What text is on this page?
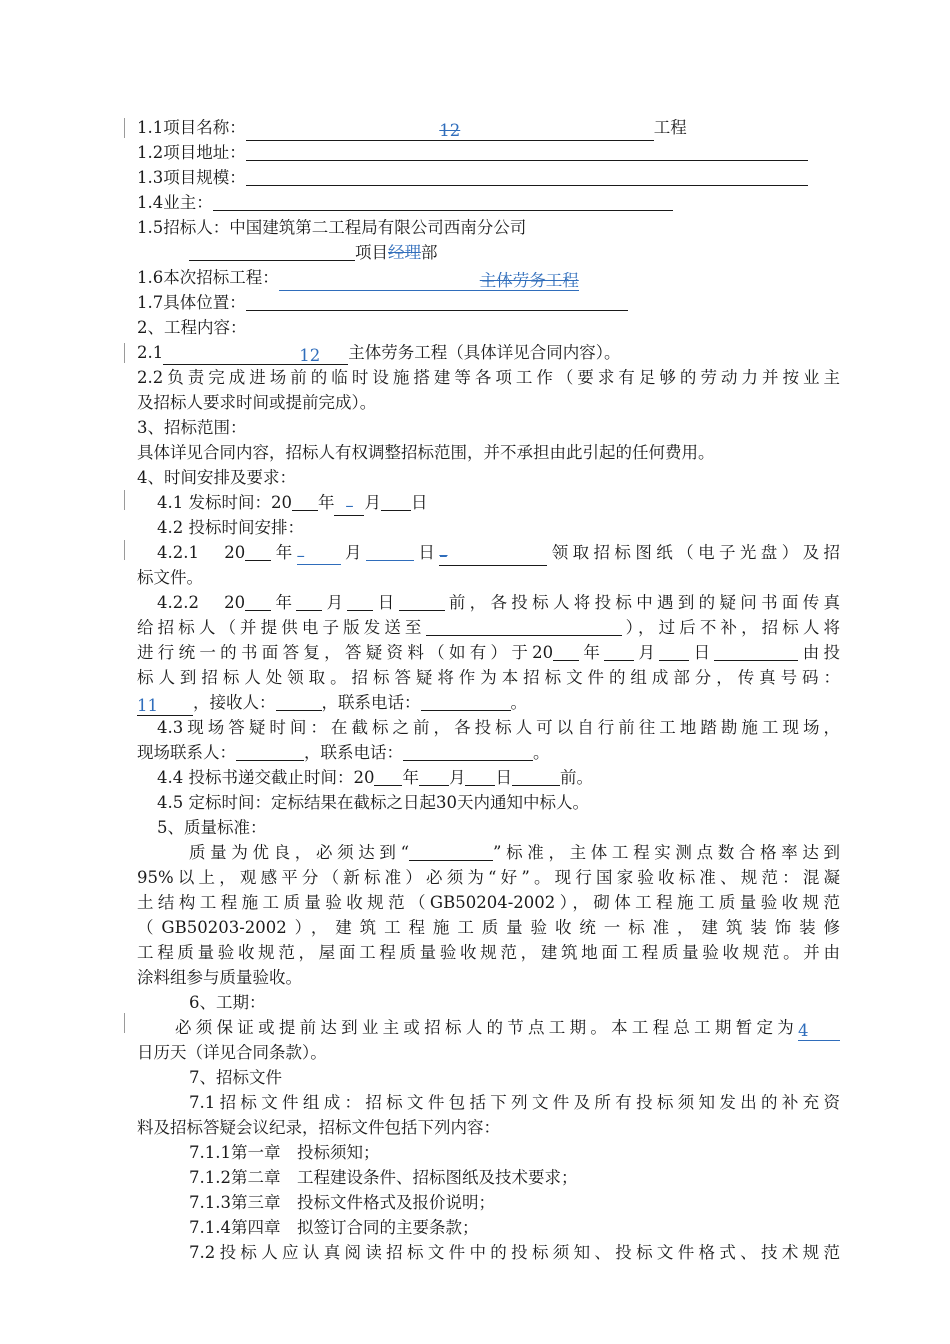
1.1项目名称：	12	工程
1.2项目地址：
1.3项目规模：
1.4业主：
1.5招标人：中国建筑第二工程局有限公司西南分公司
项目经理部
1.6本次招标工程：	主体劳务工程
1.7具体位置：
2、工程内容：
2.1	12 主体劳务工程（具体详见合同内容）。
2.2负责完成进场前的临时设施搭建等各项工作（要求有足够的劳动力并按业主
及招标人要求时间或提前完成）。
3、招标范围：
具体详见合同内容，招标人有权调整招标范围，并不承担由此引起的任何费用。
4、时间安排及要求：
4.1 发标时间：20 年 – 月 日
4.2 投标时间安排：
4.2.1　20 年– 月	日–	领取招标图纸（电子光盘）及招
标文件。
4.2.2　20 年 月 日	前，各投标人将投标中遇到的疑问书面传真
给招标人（并提供电子版发送至	），过后不补，招标人将
进行统一的书面答复，答疑资料（如有）于20 年 月 日	由投
标人到招标人处领取。招标答疑将作为本招标文件的组成部分，传真号码：
11 ，接收人：	，联系电话：	。
4.3现场答疑时间：在截标之前，各投标人可以自行前往工地踏勘施工现场，
现场联系人：	，联系电话：	。
4.4 投标书递交截止时间：20 年 月 日	前。
4.5 定标时间：定标结果在截标之日起30天内通知中标人。
5、质量标准：
质量为优良，必须达到“	”标准，主体工程实测点数合格率达到
95%以上，观感平分（新标准）必须为“好”。现行国家验收标准、规范：混凝
土结构工程施工质量验收规范（GB50204-2002），砌体工程施工质量验收规范
（GB50203-2002），建筑工程施工质量验收统一标准，建筑装饰装修
工程质量验收规范，屋面工程质量验收规范，建筑地面工程质量验收规范。并由
涂料组参与质量验收。
6、工期：
必须保证或提前达到业主或招标人的节点工期。本工程总工期暂定为4
日历天（详见合同条款）。
7、招标文件
7.1招标文件组成：招标文件包括下列文件及所有投标须知发出的补充资
料及招标答疑会议纪录，招标文件包括下列内容：
7.1.1第一章　投标须知；
7.1.2第二章　工程建设条件、招标图纸及技术要求；
7.1.3第三章　投标文件格式及报价说明；
7.1.4第四章　拟签订合同的主要条款；
7.2投标人应认真阅读招标文件中的投标须知、投标文件格式、技术规范
